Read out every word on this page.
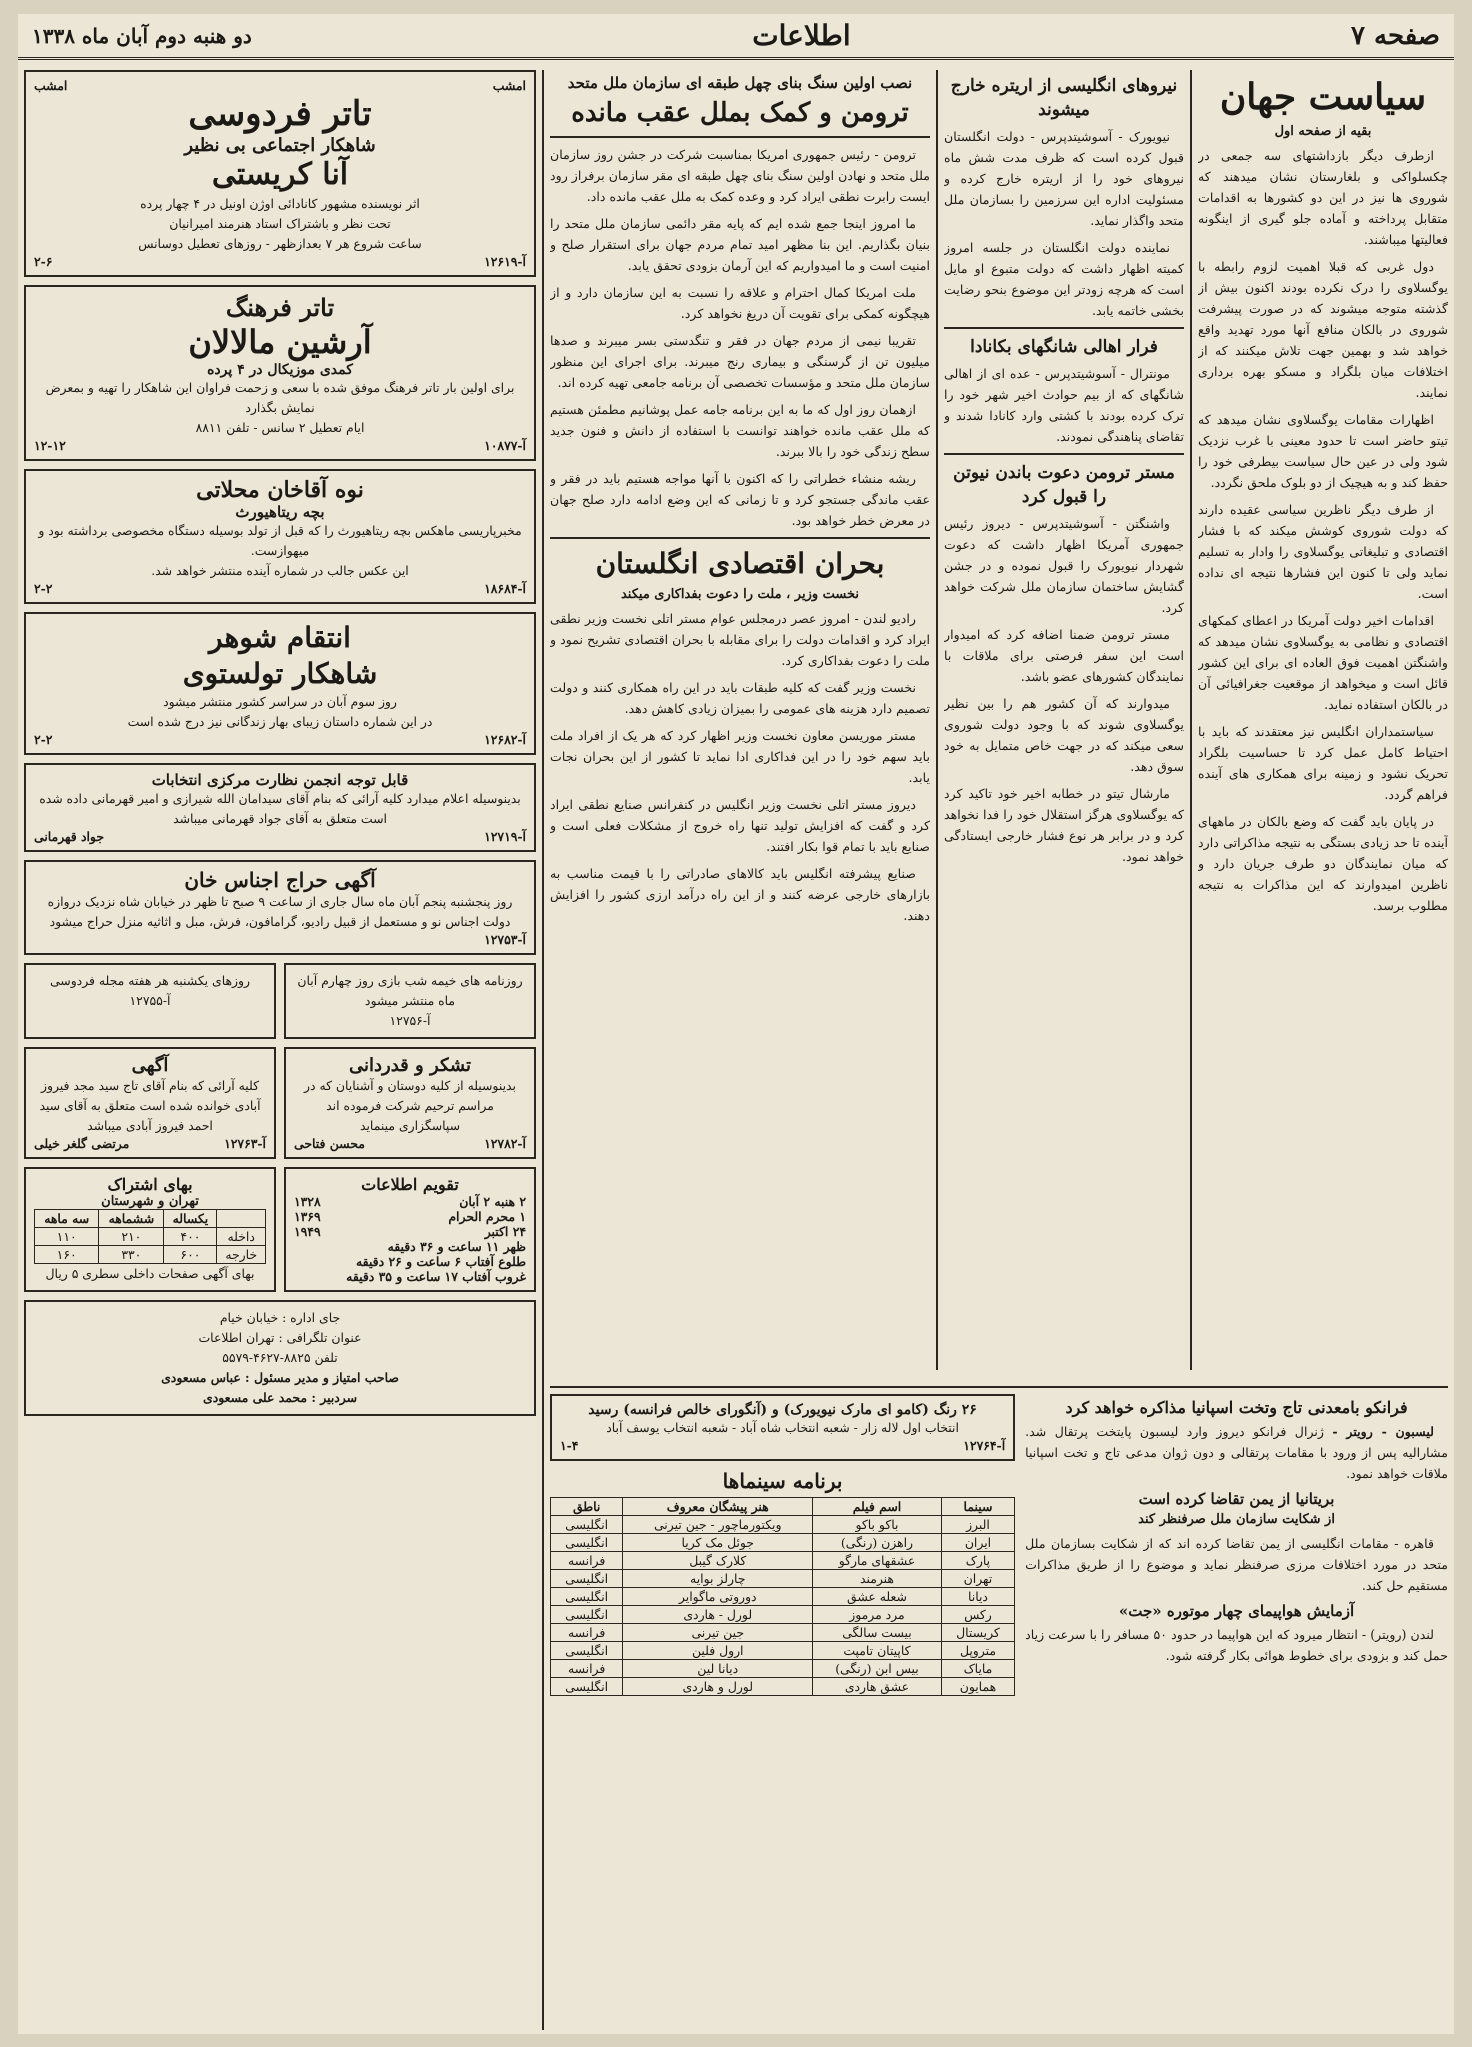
صفحه ۷
اطلاعات
دو هنبه دوم آبان ماه ۱۳۳۸
سیاست جهان
بقیه از صفحه اول

ازطرف دیگر بازداشتهای سه جمعی در چکسلواکی و بلغارستان نشان میدهند که شوروی ها نیز در این دو کشورها به اقدامات متقابل پرداخته و آماده جلو گیری از اینگونه فعالیتها میباشند.

دول غربی که قبلا اهمیت لزوم رابطه با یوگسلاوی را درک نکرده بودند اکنون بیش از گذشته متوجه میشوند که در صورت پیشرفت شوروی در بالکان منافع آنها مورد تهدید واقع خواهد شد و بهمین جهت تلاش میکنند که از اختلافات میان بلگراد و مسکو بهره برداری نمایند.

اظهارات مقامات یوگسلاوی نشان میدهد که تیتو حاضر است تا حدود معینی با غرب نزدیک شود ولی در عین حال سیاست بیطرفی خود را حفظ کند و به هیچیک از دو بلوک ملحق نگردد.

از طرف دیگر ناظرین سیاسی عقیده دارند که دولت شوروی کوشش میکند که با فشار اقتصادی و تبلیغاتی یوگسلاوی را وادار به تسلیم نماید ولی تا کنون این فشارها نتیجه ای نداده است.

اقدامات اخیر دولت آمریکا در اعطای کمکهای اقتصادی و نظامی به یوگسلاوی نشان میدهد که واشنگتن اهمیت فوق العاده ای برای این کشور قائل است و میخواهد از موقعیت جغرافیائی آن در بالکان استفاده نماید.

سیاستمداران انگلیس نیز معتقدند که باید با احتیاط کامل عمل کرد تا حساسیت بلگراد تحریک نشود و زمینه برای همکاری های آینده فراهم گردد.

در پایان باید گفت که وضع بالکان در ماههای آینده تا حد زیادی بستگی به نتیجه مذاکراتی دارد که میان نمایندگان دو طرف جریان دارد و ناظرین امیدوارند که این مذاکرات به نتیجه مطلوب برسد.

نیروهای انگلیسی از اریتره خارج میشوند

نیویورک - آسوشیتدپرس - دولت انگلستان قبول کرده است که ظرف مدت شش ماه نیروهای خود را از اریتره خارج کرده و مسئولیت اداره این سرزمین را بسازمان ملل متحد واگذار نماید.

نماینده دولت انگلستان در جلسه امروز کمیته اظهار داشت که دولت متبوع او مایل است که هرچه زودتر این موضوع بنحو رضایت بخشی خاتمه یابد.

فرار اهالی شانگهای بکانادا

مونترال - آسوشیتدپرس - عده ای از اهالی شانگهای که از بیم حوادث اخیر شهر خود را ترک کرده بودند با کشتی وارد کانادا شدند و تقاضای پناهندگی نمودند.

مستر ترومن دعوت باندن نیوتن را قبول کرد

واشنگتن - آسوشیتدپرس - دیروز رئیس جمهوری آمریکا اظهار داشت که دعوت شهردار نیویورک را قبول نموده و در جشن گشایش ساختمان سازمان ملل شرکت خواهد کرد.

مستر ترومن ضمنا اضافه کرد که امیدوار است این سفر فرصتی برای ملاقات با نمایندگان کشورهای عضو باشد.

میدوارند که آن کشور هم را بین نظیر یوگسلاوی شوند که با وجود دولت شوروی سعی میکند که در جهت خاص متمایل به خود سوق دهد.

مارشال تیتو در خطابه اخیر خود تاکید کرد که یوگسلاوی هرگز استقلال خود را فدا نخواهد کرد و در برابر هر نوع فشار خارجی ایستادگی خواهد نمود.

نصب اولین سنگ بنای چهل طبقه ای سازمان ملل متحد
ترومن و کمک بملل عقب مانده

ترومن - رئیس جمهوری امریکا بمناسبت شرکت در جشن روز سازمان ملل متحد و نهادن اولین سنگ بنای چهل طبقه ای مقر سازمان برفراز رود ایست رابرت نطقی ایراد کرد و وعده کمک به ملل عقب مانده داد.

ما امروز اینجا جمع شده ایم که پایه مقر دائمی سازمان ملل متحد را بنیان بگذاریم. این بنا مظهر امید تمام مردم جهان برای استقرار صلح و امنیت است و ما امیدواریم که این آرمان بزودی تحقق یابد.

ملت امریکا کمال احترام و علاقه را نسبت به این سازمان دارد و از هیچگونه کمکی برای تقویت آن دریغ نخواهد کرد.

تقریبا نیمی از مردم جهان در فقر و تنگدستی بسر میبرند و صدها میلیون تن از گرسنگی و بیماری رنج میبرند. برای اجرای این منظور سازمان ملل متحد و مؤسسات تخصصی آن برنامه جامعی تهیه کرده اند.

ازهمان روز اول که ما به این برنامه جامه عمل پوشانیم مطمئن هستیم که ملل عقب مانده خواهند توانست با استفاده از دانش و فنون جدید سطح زندگی خود را بالا ببرند.

ریشه منشاء خطراتی را که اکنون با آنها مواجه هستیم باید در فقر و عقب ماندگی جستجو کرد و تا زمانی که این وضع ادامه دارد صلح جهان در معرض خطر خواهد بود.

بحران اقتصادی انگلستان
نخست وزیر ، ملت را دعوت بفداکاری میکند

رادیو لندن - امروز عصر درمجلس عوام مستر اتلی نخست وزیر نطقی ایراد کرد و اقدامات دولت را برای مقابله با بحران اقتصادی تشریح نمود و ملت را دعوت بفداکاری کرد.

نخست وزیر گفت که کلیه طبقات باید در این راه همکاری کنند و دولت تصمیم دارد هزینه های عمومی را بمیزان زیادی کاهش دهد.

مستر موریسن معاون نخست وزیر اظهار کرد که هر یک از افراد ملت باید سهم خود را در این فداکاری ادا نماید تا کشور از این بحران نجات یابد.

دیروز مستر اتلی نخست وزیر انگلیس در کنفرانس صنایع نطقی ایراد کرد و گفت که افزایش تولید تنها راه خروج از مشکلات فعلی است و صنایع باید با تمام قوا بکار افتند.

صنایع پیشرفته انگلیس باید کالاهای صادراتی را با قیمت مناسب به بازارهای خارجی عرضه کنند و از این راه درآمد ارزی کشور را افزایش دهند.

امشب
امشب
تاتر فردوسی
شاهکار اجتماعی بی نظیر
آنا کریستی

اثر نویسنده مشهور کانادائی اوژن اونیل در ۴ چهار پرده

تحت نظر و باشتراک استاد هنرمند امیرانیان

ساعت شروع هر ۷ بعدازظهر - روزهای تعطیل دوسانس

آ-۱۲۶۱۹
۲-۶
تاتر فرهنگ
آرشین مالالان
کمدی موزیکال در ۴ پرده

برای اولین بار تاتر فرهنگ موفق شده با سعی و زحمت فراوان این شاهکار را تهیه و بمعرض نمایش بگذارد

ایام تعطیل ۲ سانس - تلفن ۸۸۱۱

آ-۱۰۸۷۷
۱۲-۱۲
نوه آقاخان محلاتی
بچه ریتاهیورث

مخبرپاریسی ماهکس بچه ریتاهیورث را که قبل از تولد بوسیله دستگاه مخصوصی برداشته بود و میهوازست.

این عکس جالب در شماره آینده منتشر خواهد شد.

آ-۱۸۶۸۴
۲-۲
انتقام شوهر
شاهکار تولستوی

روز سوم آبان در سراسر کشور منتشر میشود

در این شماره داستان زیبای بهار زندگانی نیز درج شده است

آ-۱۲۶۸۲
۲-۲
قابل توجه انجمن نظارت مرکزی انتخابات

بدینوسیله اعلام میدارد کلیه آرائی که بنام آقای سیدامان الله شیرازی و امیر قهرمانی داده شده است متعلق به آقای جواد قهرمانی میباشد

آ-۱۲۷۱۹
جواد قهرمانی
آگهی حراج اجناس خان

روز پنجشنبه پنجم آبان ماه سال جاری از ساعت ۹ صبح تا ظهر در خیابان شاه نزدیک دروازه دولت اجناس نو و مستعمل از قبیل رادیو، گرامافون، فرش، مبل و اثاثیه منزل حراج میشود

آ-۱۲۷۵۳

روزنامه های خیمه شب بازی روز چهارم آبان ماه منتشر میشود

آ-۱۲۷۵۶

روزهای یکشنبه هر هفته مجله فردوسی

آ-۱۲۷۵۵

تشکر و قدردانی

بدینوسیله از کلیه دوستان و آشنایان که در مراسم ترحیم شرکت فرموده اند سپاسگزاری مینماید

آ-۱۲۷۸۲
محسن فتاحی
آگهی

کلیه آرائی که بنام آقای تاج سید مجد فیروز آبادی خوانده شده است متعلق به آقای سید احمد فیروز آبادی میباشد

آ-۱۲۷۶۳
مرتضی گلغر خیلی
تقویم اطلاعات
۲ هنبه ۲ آبان
۱۳۲۸
۱ محرم الحرام
۱۳۶۹
۲۴ اکتبر
۱۹۴۹
ظهر ۱۱ ساعت و ۳۶ دقیقه
طلوع آفتاب ۶ ساعت و ۲۶ دقیقه
غروب آفتاب ۱۷ ساعت و ۳۵ دقیقه
بهای اشتراک
تهران و شهرستان
	یکساله	ششماهه	سه ماهه
داخله	۴۰۰	۲۱۰	۱۱۰
خارجه	۶۰۰	۳۳۰	۱۶۰

بهای آگهی صفحات داخلی سطری ۵ ریال

جای اداره : خیابان خیام

عنوان تلگرافی : تهران اطلاعات

تلفن ۸۸۲۵-۴۶۲۷-۵۵۷۹

صاحب امتیاز و مدیر مسئول : عباس مسعودی

سردبیر : محمد علی مسعودی

فرانکو بامعدنی تاج وتخت اسپانیا مذاکره خواهد کرد

لیسبون - رویتر - ژنرال فرانکو دیروز وارد لیسبون پایتخت پرتقال شد. مشارالیه پس از ورود با مقامات پرتقالی و دون ژوان مدعی تاج و تخت اسپانیا ملاقات خواهد نمود.

بریتانیا از یمن تقاضا کرده است
از شکایت سازمان ملل صرفنظر کند

قاهره - مقامات انگلیسی از یمن تقاضا کرده اند که از شکایت بسازمان ملل متحد در مورد اختلافات مرزی صرفنظر نماید و موضوع را از طریق مذاکرات مستقیم حل کند.

آزمایش هواپیمای چهار موتوره «جت»

لندن (رویتر) - انتظار میرود که این هواپیما در حدود ۵۰ مسافر را با سرعت زیاد حمل کند و بزودی برای خطوط هوائی بکار گرفته شود.

۲۶ رنگ (کامو ای مارک نیویورک) و (آنگورای خالص فرانسه) رسید

انتخاب اول لاله زار - شعبه انتخاب شاه آباد - شعبه انتخاب یوسف آباد

آ-۱۲۷۶۴
۱-۴
برنامه سینماها
سینما	اسم فیلم	هنر پیشگان معروف	ناطق
البرز	باکو باکو	ویکتورماچور - جین تیرنی	انگلیسی
ایران	راهزن (رنگی)	جوئل مک کریا	انگلیسی
پارک	عشقهای مارگو	کلارک گیبل	فرانسه
تهران	هنرمند	چارلز بوایه	انگلیسی
دیانا	شعله عشق	دوروتی ماگوایر	انگلیسی
رکس	مرد مرموز	لورل - هاردی	انگلیسی
کریستال	بیست سالگی	جین تیرنی	فرانسه
متروپل	کاپیتان تامپت	ارول فلین	انگلیسی
مایاک	بیس ابن (رنگی)	دیانا لین	فرانسه
همایون	عشق هاردی	لورل و هاردی	انگلیسی
